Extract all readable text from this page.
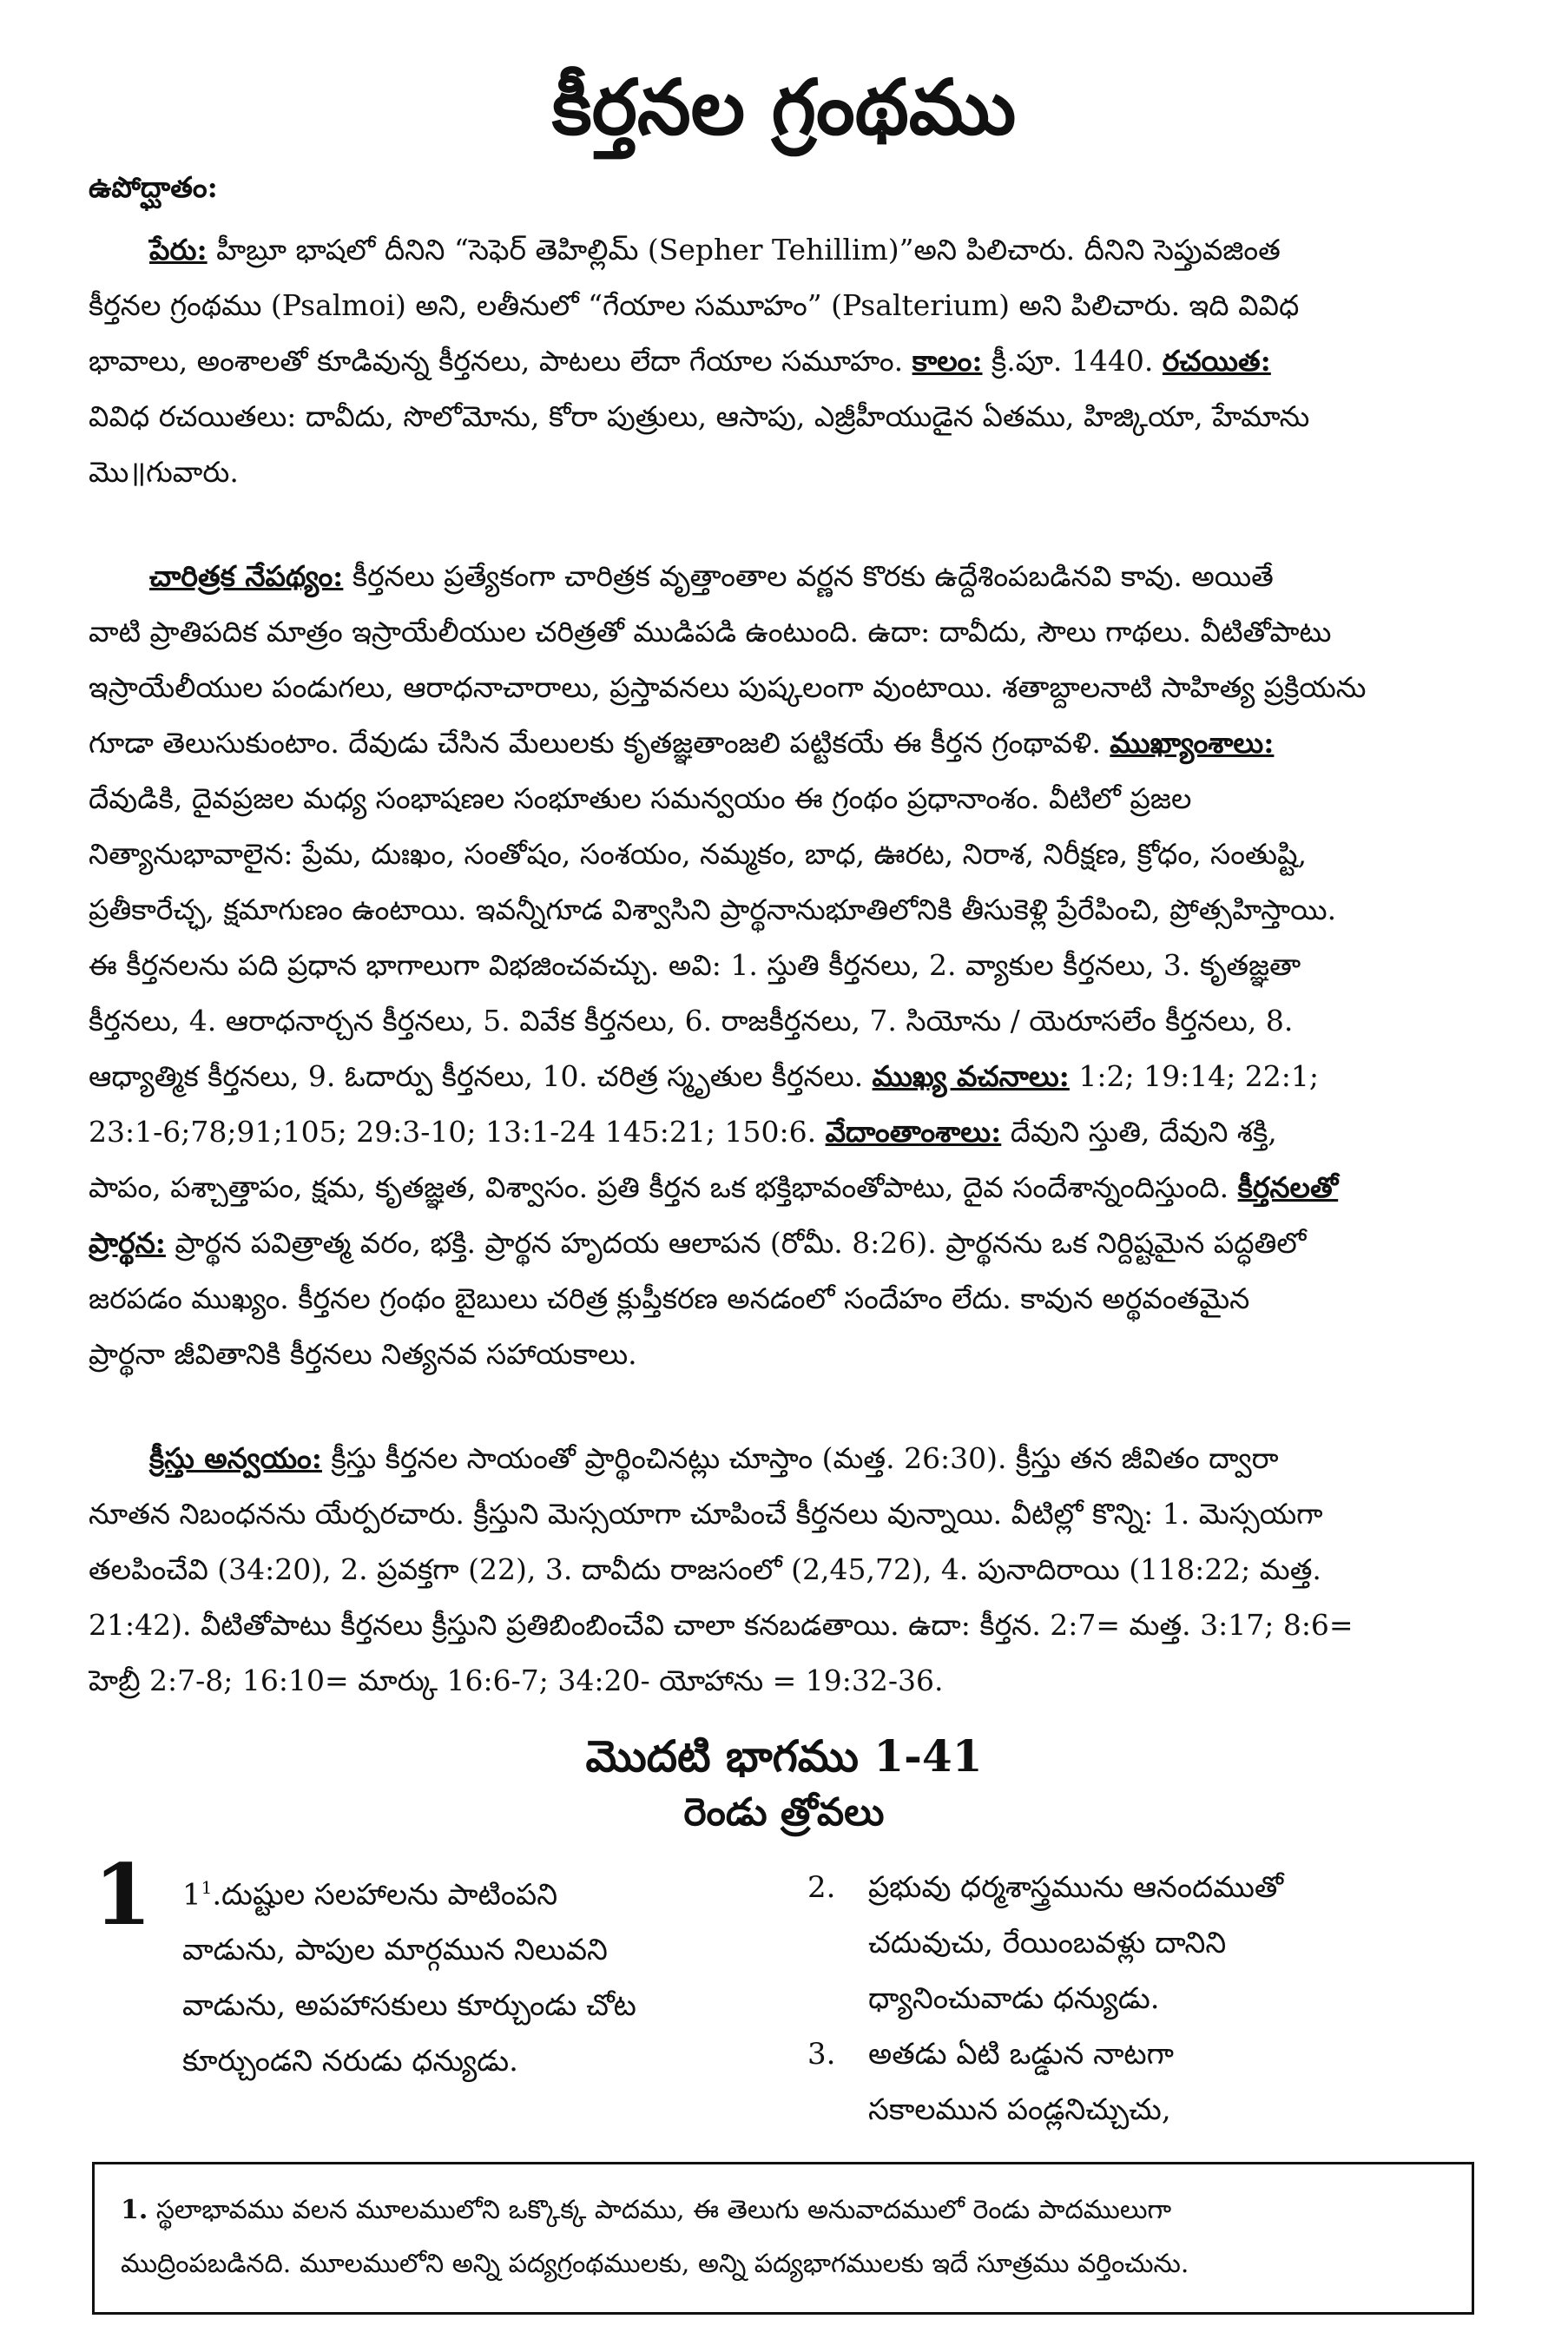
కీర్తనల గ్రంథము
ఉపోద్ఘాతం:
పేరు: హీబ్రూ భాషలో దీనిని “సెఫెర్ తెహిల్లిమ్ (Sepher Tehillim)”అని పిలిచారు. దీనిని సెప్తువజింత
కీర్తనల గ్రంథము (Psalmoi) అని, లతీనులో “గేయాల సమూహం” (Psalterium) అని పిలిచారు. ఇది వివిధ
భావాలు, అంశాలతో కూడివున్న కీర్తనలు, పాటలు లేదా గేయాల సమూహం. కాలం: క్రీ.పూ. 1440. రచయిత:
వివిధ రచయితలు: దావీదు, సొలోమోను, కోరా పుత్రులు, ఆసాపు, ఎజ్రీహీయుడైన ఏతము, హిజ్కియా, హేమాను
మొ॥గువారు.
చారిత్రక నేపథ్యం: కీర్తనలు ప్రత్యేకంగా చారిత్రక వృత్తాంతాల వర్ణన కొరకు ఉద్దేశింపబడినవి కావు. అయితే
వాటి ప్రాతిపదిక మాత్రం ఇస్రాయేలీయుల చరిత్రతో ముడిపడి ఉంటుంది. ఉదా: దావీదు, సౌలు గాథలు. వీటితోపాటు
ఇస్రాయేలీయుల పండుగలు, ఆరాధనాచారాలు, ప్రస్తావనలు పుష్కలంగా వుంటాయి. శతాబ్దాలనాటి సాహిత్య ప్రక్రియను
గూడా తెలుసుకుంటాం. దేవుడు చేసిన మేలులకు కృతజ్ఞతాంజలి పట్టికయే ఈ కీర్తన గ్రంథావళి. ముఖ్యాంశాలు:
దేవుడికి, దైవప్రజల మధ్య సంభాషణల సంభూతుల సమన్వయం ఈ గ్రంథం ప్రధానాంశం. వీటిలో ప్రజల
నిత్యానుభావాలైన: ప్రేమ, దుఃఖం, సంతోషం, సంశయం, నమ్మకం, బాధ, ఊరట, నిరాశ, నిరీక్షణ, క్రోధం, సంతుష్టి,
ప్రతీకారేచ్ఛ, క్షమాగుణం ఉంటాయి. ఇవన్నీగూడ విశ్వాసిని ప్రార్థనానుభూతిలోనికి తీసుకెళ్లి ప్రేరేపించి, ప్రోత్సహిస్తాయి.
ఈ కీర్తనలను పది ప్రధాన భాగాలుగా విభజించవచ్చు. అవి: 1. స్తుతి కీర్తనలు, 2. వ్యాకుల కీర్తనలు, 3. కృతజ్ఞతా
కీర్తనలు, 4. ఆరాధనార్చన కీర్తనలు, 5. వివేక కీర్తనలు, 6. రాజకీర్తనలు, 7. సియోను / యెరూసలేం కీర్తనలు, 8.
ఆధ్యాత్మిక కీర్తనలు, 9. ఓదార్పు కీర్తనలు, 10. చరిత్ర స్మృతుల కీర్తనలు. ముఖ్య వచనాలు: 1:2; 19:14; 22:1;
23:1-6;78;91;105; 29:3-10; 13:1-24 145:21; 150:6. వేదాంతాంశాలు: దేవుని స్తుతి, దేవుని శక్తి,
పాపం, పశ్చాత్తాపం, క్షమ, కృతజ్ఞత, విశ్వాసం. ప్రతి కీర్తన ఒక భక్తిభావంతోపాటు, దైవ సందేశాన్నందిస్తుంది. కీర్తనలతో
ప్రార్థన: ప్రార్థన పవిత్రాత్మ వరం, భక్తి. ప్రార్థన హృదయ ఆలాపన (రోమీ. 8:26). ప్రార్థనను ఒక నిర్దిష్టమైన పద్ధతిలో
జరపడం ముఖ్యం. కీర్తనల గ్రంథం బైబులు చరిత్ర క్లుప్తీకరణ అనడంలో సందేహం లేదు. కావున అర్థవంతమైన
ప్రార్థనా జీవితానికి కీర్తనలు నిత్యనవ సహాయకాలు.
క్రీస్తు అన్వయం: క్రీస్తు కీర్తనల సాయంతో ప్రార్థించినట్లు చూస్తాం (మత్త. 26:30). క్రీస్తు తన జీవితం ద్వారా
నూతన నిబంధనను యేర్పరచారు. క్రీస్తుని మెస్సయాగా చూపించే కీర్తనలు వున్నాయి. వీటిల్లో కొన్ని: 1. మెస్సయగా
తలపించేవి (34:20), 2. ప్రవక్తగా (22), 3. దావీదు రాజసంలో (2,45,72), 4. పునాదిరాయి (118:22; మత్త.
21:42). వీటితోపాటు కీర్తనలు క్రీస్తుని ప్రతిబింబించేవి చాలా కనబడతాయి. ఉదా: కీర్తన. 2:7= మత్త. 3:17; 8:6=
హెబ్రీ 2:7-8; 16:10= మార్కు 16:6-7; 34:20- యోహాను = 19:32-36.
మొదటి భాగము 1-41
రెండు త్రోవలు
1 $1^1.దుష్టుల$ సలహాలను పాటింపని
వాడును, పాపుల మార్గమున నిలువని
వాడును, అపహాసకులు కూర్చుండు చోట
కూర్చుండని నరుడు ధన్యుడు.
2. ప్రభువు ధర్మశాస్త్రమును ఆనందముతో
చదువుచు, రేయింబవళ్లు దానిని
ధ్యానించువాడు ధన్యుడు.
3. అతడు ఏటి ఒడ్డున నాటగా
సకాలమున పండ్లనిచ్చుచు,
1. స్థలాభావము వలన మూలములోని ఒక్కొక్క పాదము, ఈ తెలుగు అనువాదములో రెండు పాదములుగా
ముద్రింపబడినది. మూలములోని అన్ని పద్యగ్రంథములకు, అన్ని పద్యభాగములకు ఇదే సూత్రము వర్తించును.
